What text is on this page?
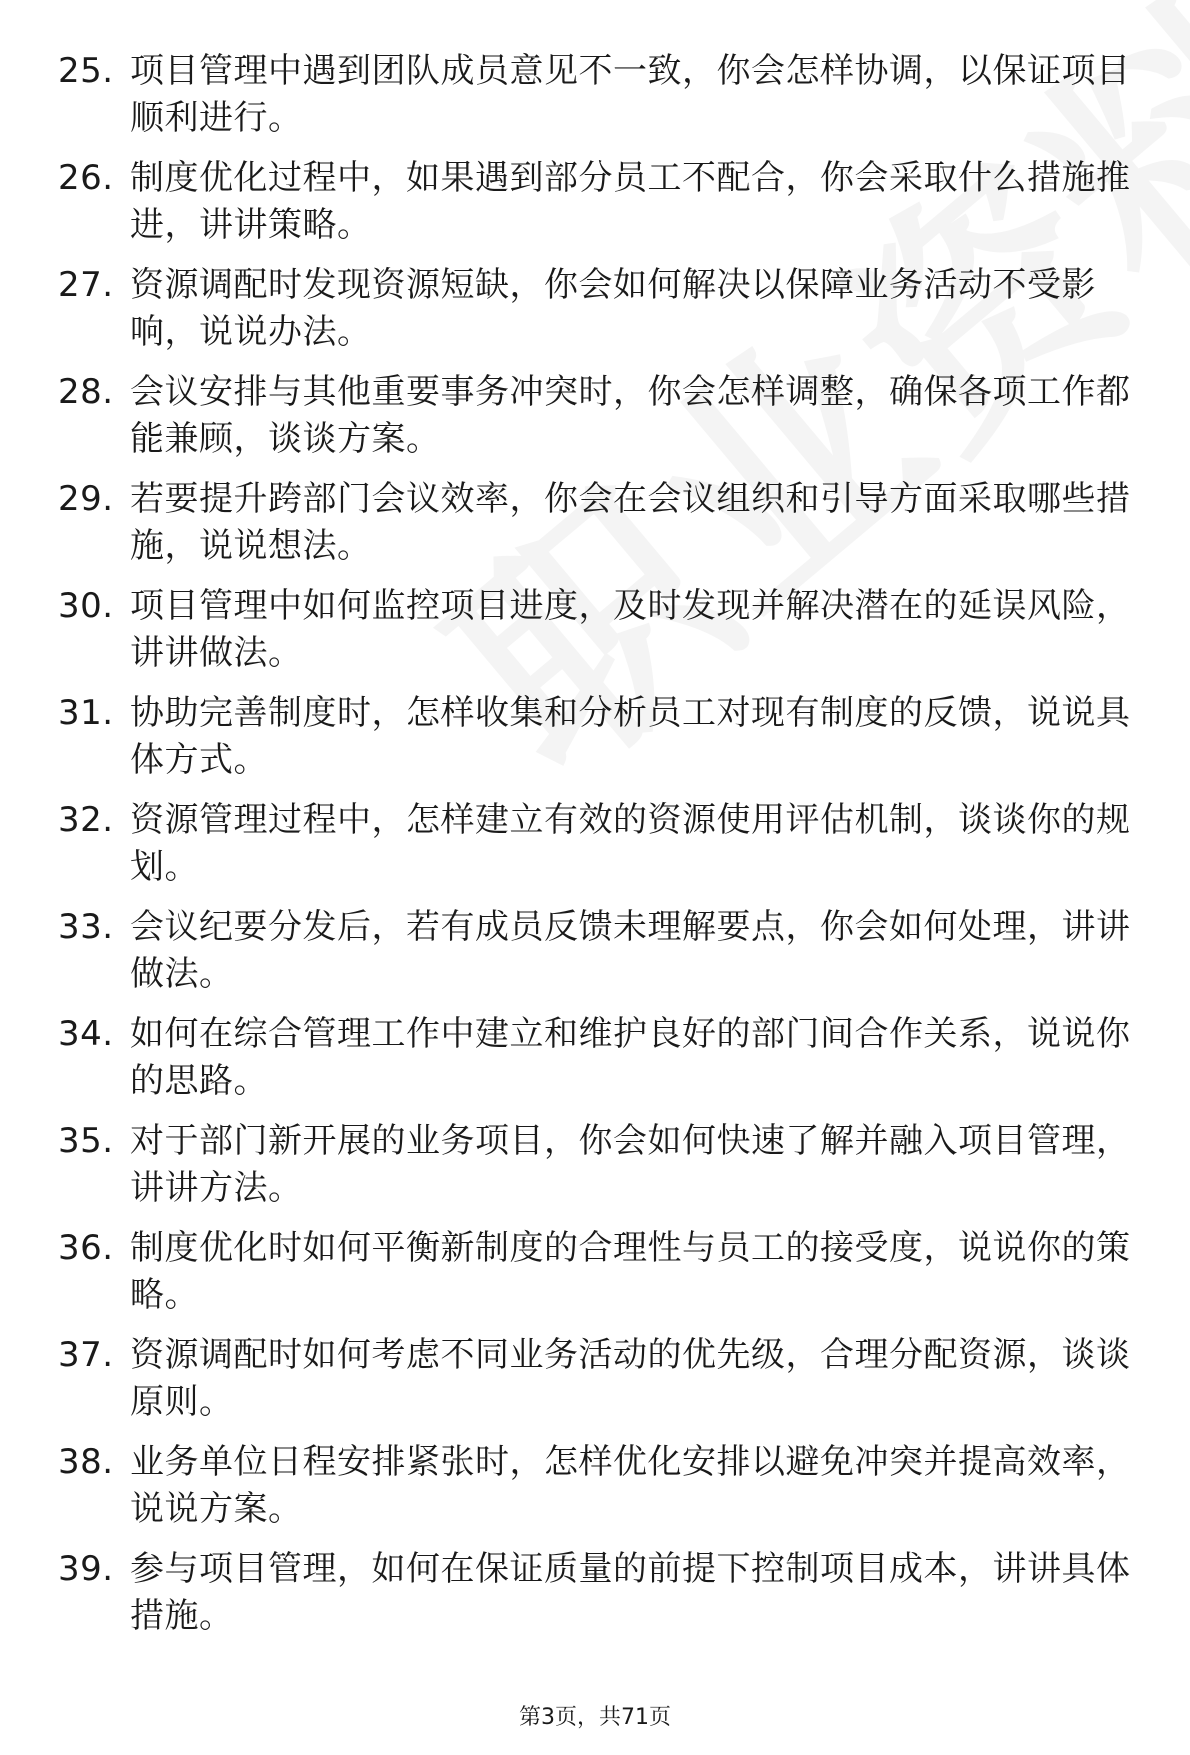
25. 项目管理中遇到团队成员意见不一致，你会怎样协调，以保证项目顺利进行。
26. 制度优化过程中，如果遇到部分员工不配合，你会采取什么措施推进，讲讲策略。
27. 资源调配时发现资源短缺，你会如何解决以保障业务活动不受影响，说说办法。
28. 会议安排与其他重要事务冲突时，你会怎样调整，确保各项工作都能兼顾，谈谈方案。
29. 若要提升跨部门会议效率，你会在会议组织和引导方面采取哪些措施，说说想法。
30. 项目管理中如何监控项目进度，及时发现并解决潜在的延误风险，讲讲做法。
31. 协助完善制度时，怎样收集和分析员工对现有制度的反馈，说说具体方式。
32. 资源管理过程中，怎样建立有效的资源使用评估机制，谈谈你的规划。
33. 会议纪要分发后，若有成员反馈未理解要点，你会如何处理，讲讲做法。
34. 如何在综合管理工作中建立和维护良好的部门间合作关系，说说你的思路。
35. 对于部门新开展的业务项目，你会如何快速了解并融入项目管理，讲讲方法。
36. 制度优化时如何平衡新制度的合理性与员工的接受度，说说你的策略。
37. 资源调配时如何考虑不同业务活动的优先级，合理分配资源，谈谈原则。
38. 业务单位日程安排紧张时，怎样优化安排以避免冲突并提高效率，说说方案。
39. 参与项目管理，如何在保证质量的前提下控制项目成本，讲讲具体措施。
第3页，共71页
